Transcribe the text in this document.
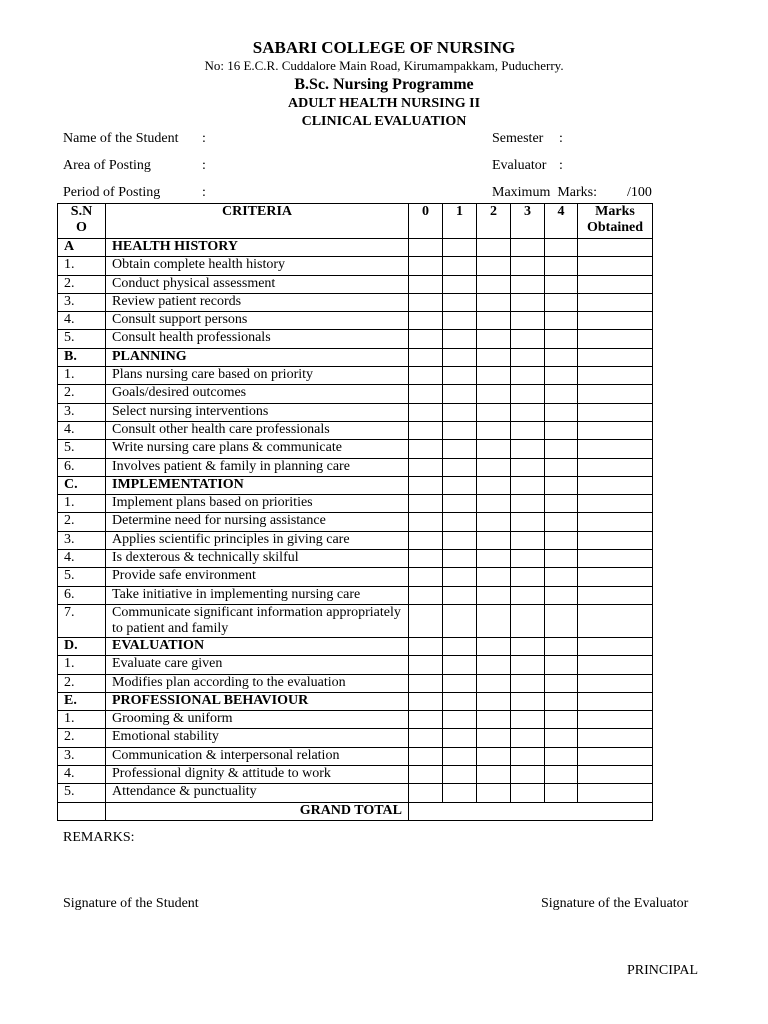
SABARI COLLEGE OF NURSING
No: 16 E.C.R. Cuddalore Main Road, Kirumampakkam, Puducherry.
B.Sc. Nursing Programme
ADULT HEALTH NURSING II
CLINICAL EVALUATION
Name of the Student :
Area of Posting	:
Period of Posting	:
Semester :
Evaluator :
Maximum  Marks: /100
S.N O	CRITERIA	0	1	2	3	4	Marks Obtained
A	HEALTH HISTORY						
1.	Obtain complete health history						
2.	Conduct physical assessment						
3.	Review patient records						
4.	Consult support persons						
5.	Consult health professionals						
B.	PLANNING						
1.	Plans nursing care based on priority						
2.	Goals/desired outcomes						
3.	Select nursing interventions						
4.	Consult other health care professionals						
5.	Write nursing care plans & communicate						
6.	Involves patient & family in planning care						
C.	IMPLEMENTATION						
1.	Implement plans based on priorities						
2.	Determine need for nursing assistance						
3.	Applies scientific principles in giving care						
4.	Is dexterous & technically skilful						
5.	Provide safe environment						
6.	Take initiative in implementing nursing care						
7.	Communicate significant information appropriately to patient and family						
D.	EVALUATION						
1.	Evaluate care given						
2.	Modifies plan according to the evaluation						
E.	PROFESSIONAL BEHAVIOUR						
1.	Grooming & uniform						
2.	Emotional stability						
3.	Communication & interpersonal relation						
4.	Professional dignity & attitude to work						
5.	Attendance & punctuality						
	GRAND TOTAL						
REMARKS:
Signature of the Student	Signature of the Evaluator
PRINCIPAL
